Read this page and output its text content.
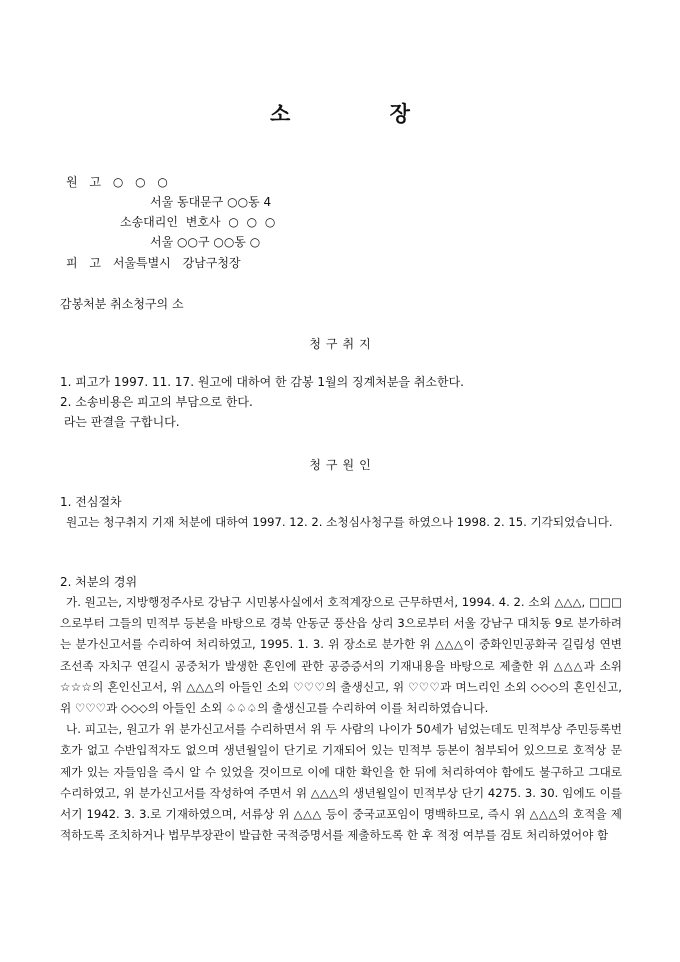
소 장
원 고 ○ ○ ○
서울 동대문구 ○○동 4
소송대리인 변호사 ○ ○ ○
서울 ○○구 ○○동 ○
피 고 서울특별시 강남구청장
감봉처분 취소청구의 소
청구취지
1. 피고가 1997. 11. 17. 원고에 대하여 한 감봉 1월의 징계처분을 취소한다.
2. 소송비용은 피고의 부담으로 한다.
라는 판결을 구합니다.
청구원인
1. 전심절차

원고는 청구취지 기재 처분에 대하여 1997. 12. 2. 소청심사청구를 하였으나 1998. 2. 15. 기각되었습니다.

2. 처분의 경위

가. 원고는, 지방행정주사로 강남구 시민봉사실에서 호적계장으로 근무하면서, 1994. 4. 2. 소외 △△△, □□□으로부터 그들의 민적부 등본을 바탕으로 경북 안동군 풍산읍 상리 3으로부터 서울 강남구 대치동 9로 분가하려는 분가신고서를 수리하여 처리하였고, 1995. 1. 3. 위 장소로 분가한 위 △△△이 중화인민공화국 길림성 연변조선족 자치구 연길시 공중처가 발생한 혼인에 관한 공증증서의 기재내용을 바탕으로 제출한 위 △△△과 소위 ☆☆☆의 혼인신고서, 위 △△△의 아들인 소외 ♡♡♡의 출생신고, 위 ♡♡♡과 며느리인 소외 ◇◇◇의 혼인신고, 위 ♡♡♡과 ◇◇◇의 아들인 소외 ♤♤♤의 출생신고를 수리하여 이를 처리하였습니다.

나. 피고는, 원고가 위 분가신고서를 수리하면서 위 두 사람의 나이가 50세가 넘었는데도 민적부상 주민등록번호가 없고 수반입적자도 없으며 생년월일이 단기로 기재되어 있는 민적부 등본이 첨부되어 있으므로 호적상 문제가 있는 자들임을 즉시 알 수 있었을 것이므로 이에 대한 확인을 한 뒤에 처리하여야 함에도 불구하고 그대로 수리하였고, 위 분가신고서를 작성하여 주면서 위 △△△의 생년월일이 민적부상 단기 4275. 3. 30. 임에도 이를 서기 1942. 3. 3.로 기재하였으며, 서류상 위 △△△ 등이 중국교포임이 명백하므로, 즉시 위 △△△의 호적을 제적하도록 조치하거나 법무부장관이 발급한 국적증명서를 제출하도록 한 후 적정 여부를 검토 처리하였어야 함
